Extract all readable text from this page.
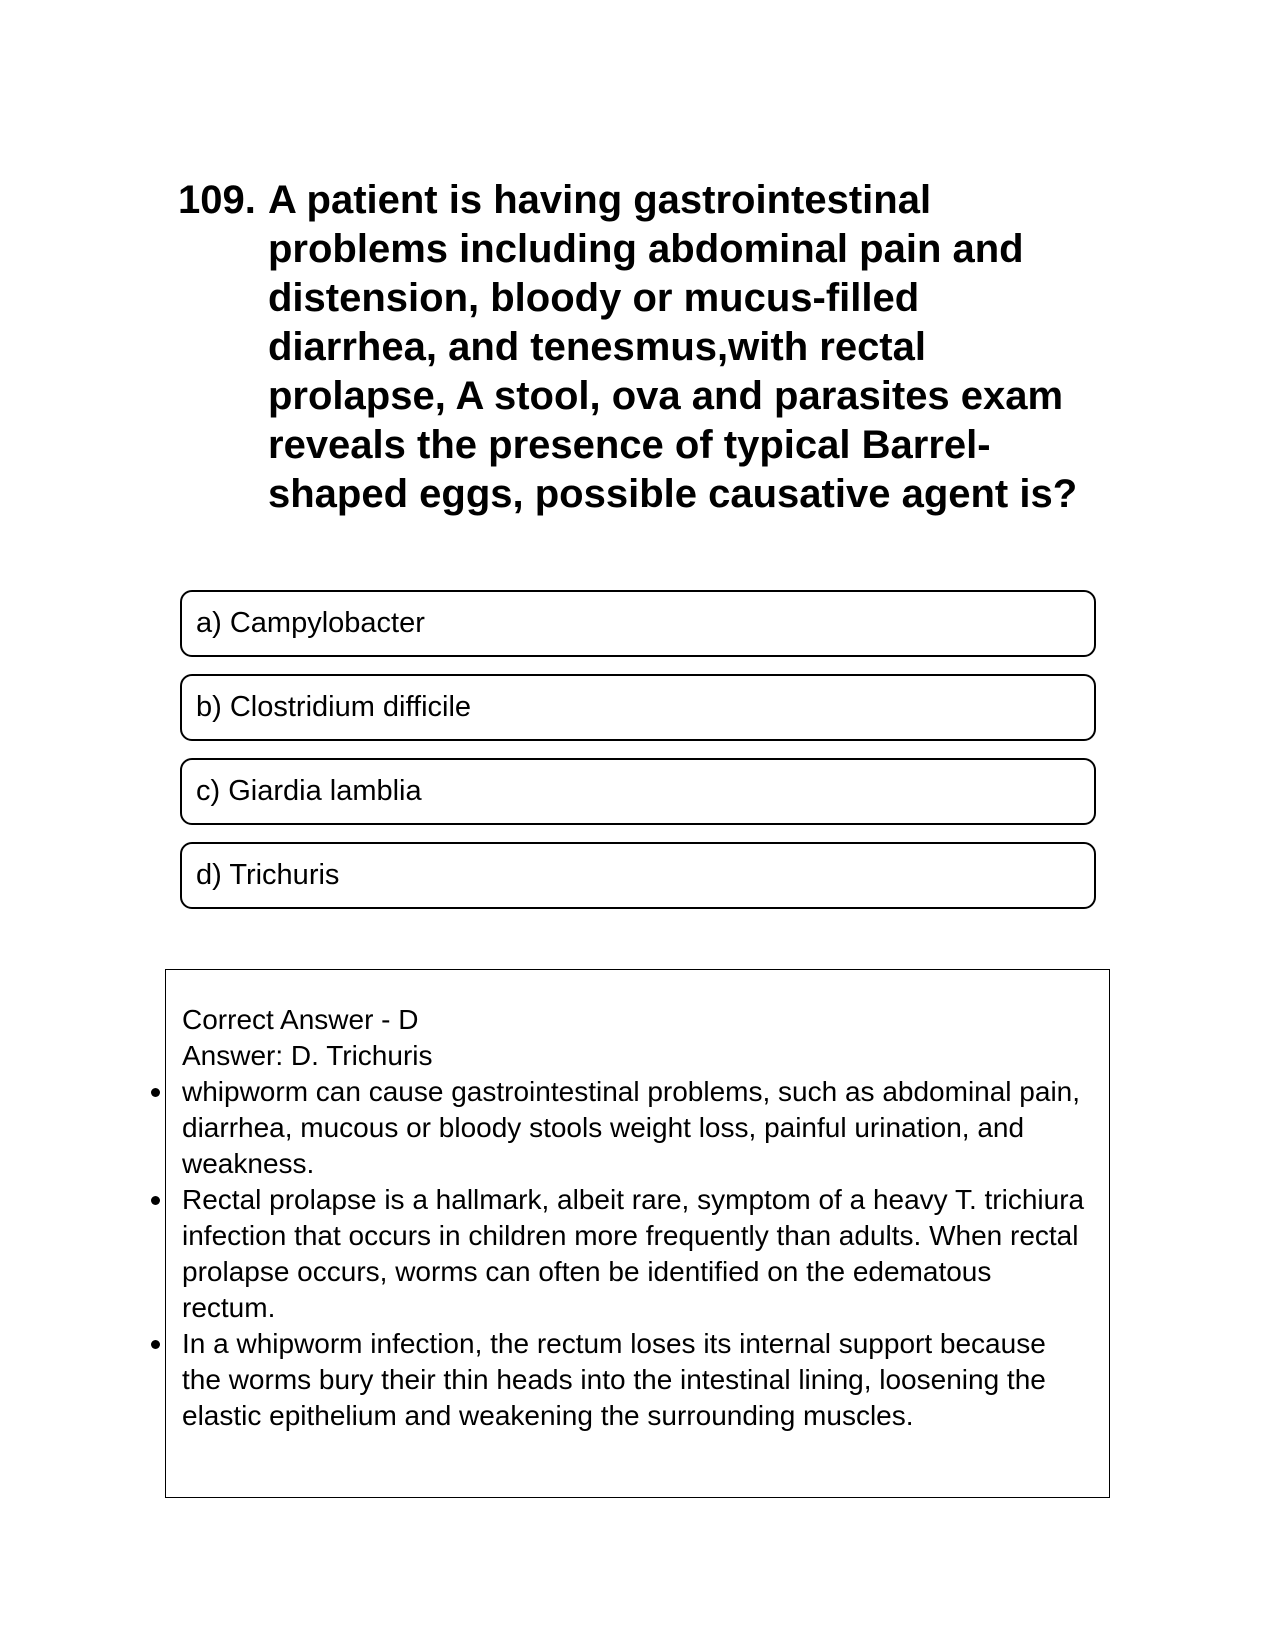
109. A patient is having gastrointestinal problems including abdominal pain and distension, bloody or mucus-filled diarrhea, and tenesmus,with rectal prolapse, A stool, ova and parasites exam reveals the presence of typical Barrel-shaped eggs, possible causative agent is?
a) Campylobacter
b) Clostridium difficile
c) Giardia lamblia
d) Trichuris
Correct Answer - D
Answer: D. Trichuris
whipworm can cause gastrointestinal problems, such as abdominal pain, diarrhea, mucous or bloody stools weight loss, painful urination, and weakness.
Rectal prolapse is a hallmark, albeit rare, symptom of a heavy T. trichiura infection that occurs in children more frequently than adults. When rectal prolapse occurs, worms can often be identified on the edematous rectum.
In a whipworm infection, the rectum loses its internal support because the worms bury their thin heads into the intestinal lining, loosening the elastic epithelium and weakening the surrounding muscles.
